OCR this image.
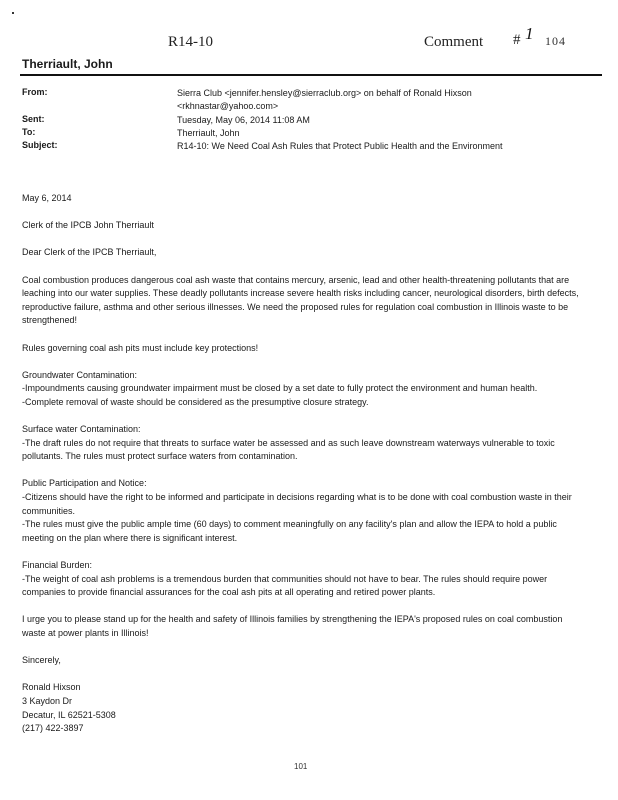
R14-10	Comment # 1 104
Therriault, John
From:	Sierra Club <jennifer.hensley@sierraclub.org> on behalf of Ronald Hixson
<rkhnastar@yahoo.com>
Sent:	Tuesday, May 06, 2014 11:08 AM
To:	Therriault, John
Subject:	R14-10: We Need Coal Ash Rules that Protect Public Health and the Environment

May 6, 2014

Clerk of the IPCB John Therriault

Dear Clerk of the IPCB Therriault,

Coal combustion produces dangerous coal ash waste that contains mercury, arsenic, lead and other health-threatening pollutants that are leaching into our water supplies. These deadly pollutants increase severe health risks including cancer, neurological disorders, birth defects, reproductive failure, asthma and other serious illnesses. We need the proposed rules for regulation coal combustion in Illinois waste to be strengthened!

Rules governing coal ash pits must include key protections!

Groundwater Contamination:

-Impoundments causing groundwater impairment must be closed by a set date to fully protect the environment and human health.

-Complete removal of waste should be considered as the presumptive closure strategy.

Surface water Contamination:

-The draft rules do not require that threats to surface water be assessed and as such leave downstream waterways vulnerable to toxic pollutants. The rules must protect surface waters from contamination.

Public Participation and Notice:

-Citizens should have the right to be informed and participate in decisions regarding what is to be done with coal combustion waste in their communities.

-The rules must give the public ample time (60 days) to comment meaningfully on any facility's plan and allow the IEPA to hold a public meeting on the plan where there is significant interest.

Financial Burden:

-The weight of coal ash problems is a tremendous burden that communities should not have to bear. The rules should require power companies to provide financial assurances for the coal ash pits at all operating and retired power plants.

I urge you to please stand up for the health and safety of Illinois families by strengthening the IEPA's proposed rules on coal combustion waste at power plants in Illinois!

Sincerely,

Ronald Hixson

3 Kaydon Dr

Decatur, IL 62521-5308

(217) 422-3897

101
